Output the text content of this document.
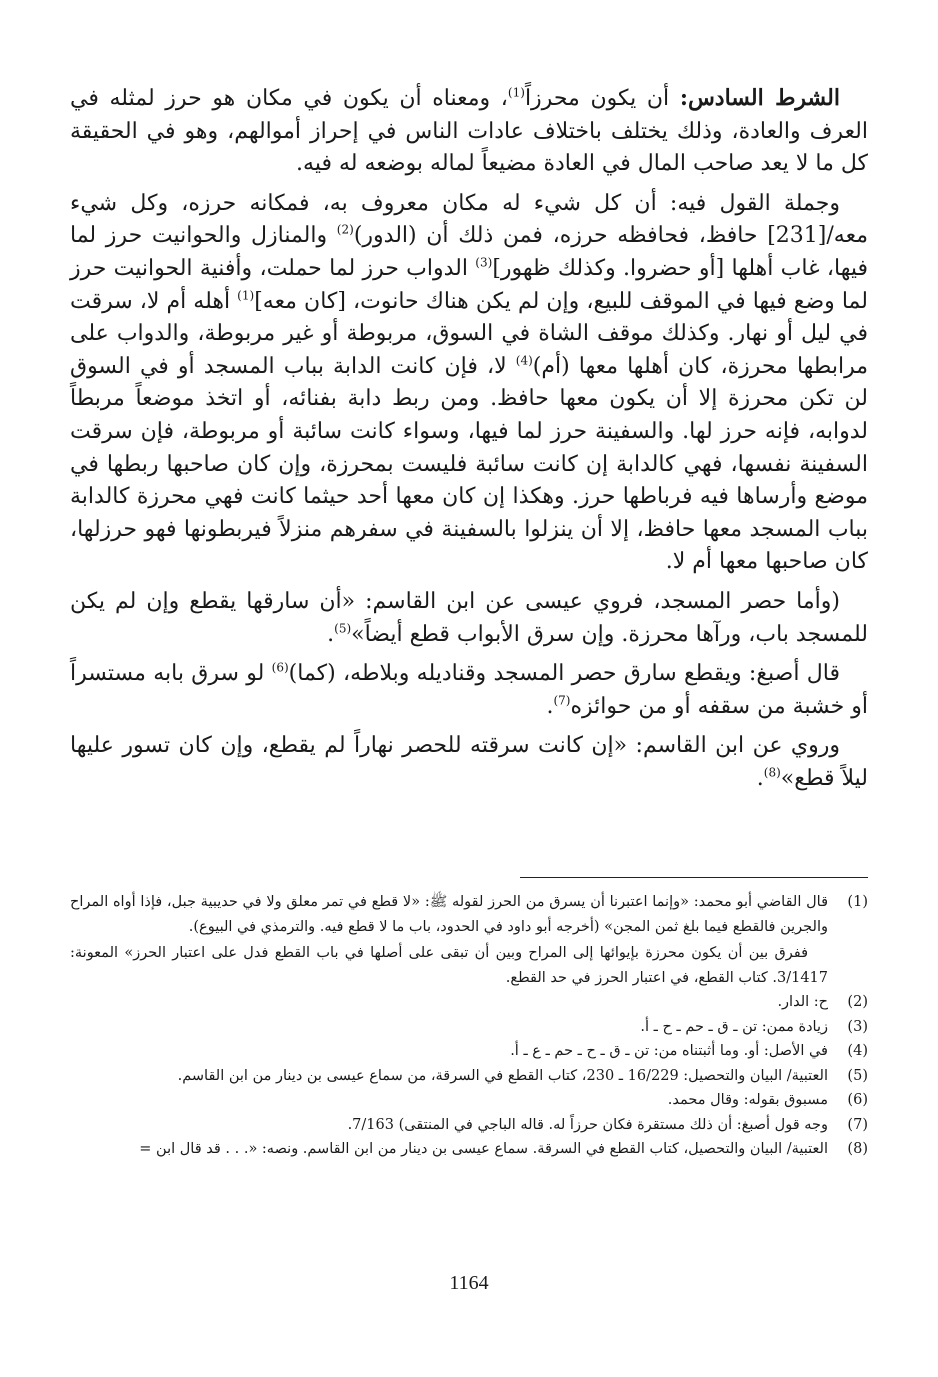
الشرط السادس: أن يكون محرزاً$^{(1)}$، ومعناه أن يكون في مكان هو حرز لمثله في العرف والعادة، وذلك يختلف باختلاف عادات الناس في إحراز أموالهم، وهو في الحقيقة كل ما لا يعد صاحب المال في العادة مضيعاً لماله بوضعه له فيه.

وجملة القول فيه: أن كل شيء له مكان معروف به، فمكانه حرزه، وكل شيء معه/[231] حافظ، فحافظه حرزه، فمن ذلك أن (الدور)$^{(2)}$ والمنازل والحوانيت حرز لما فيها، غاب أهلها [أو حضروا. وكذلك ظهور]$^{(3)}$ الدواب حرز لما حملت، وأفنية الحوانيت حرز لما وضع فيها في الموقف للبيع، وإن لم يكن هناك حانوت، [كان معه]$^{(1)}$ أهله أم لا، سرقت في ليل أو نهار. وكذلك موقف الشاة في السوق، مربوطة أو غير مربوطة، والدواب على مرابطها محرزة، كان أهلها معها (أم)$^{(4)}$ لا، فإن كانت الدابة بباب المسجد أو في السوق لن تكن محرزة إلا أن يكون معها حافظ. ومن ربط دابة بفنائه، أو اتخذ موضعاً مربطاً لدوابه، فإنه حرز لها. والسفينة حرز لما فيها، وسواء كانت سائبة أو مربوطة، فإن سرقت السفينة نفسها، فهي كالدابة إن كانت سائبة فليست بمحرزة، وإن كان صاحبها ربطها في موضع وأرساها فيه فرباطها حرز. وهكذا إن كان معها أحد حيثما كانت فهي محرزة كالدابة بباب المسجد معها حافظ، إلا أن ينزلوا بالسفينة في سفرهم منزلاً فيربطونها فهو حرزلها، كان صاحبها معها أم لا.

(وأما حصر المسجد، فروي عيسى عن ابن القاسم: «أن سارقها يقطع وإن لم يكن للمسجد باب، ورآها محرزة. وإن سرق الأبواب قطع أيضاً»$^{(5)}$.

قال أصبغ: ويقطع سارق حصر المسجد وقناديله وبلاطه، (كما)$^{(6)}$ لو سرق بابه مستسراً أو خشبة من سقفه أو من حوائزه$^{(7)}$.

وروي عن ابن القاسم: «إن كانت سرقته للحصر نهاراً لم يقطع، وإن كان تسور عليها ليلاً قطع»$^{(8)}$.

(1)
قال القاضي أبو محمد: «وإنما اعتبرنا أن يسرق من الحرز لقوله ﷺ: «لا قطع في تمر معلق ولا في حديبية جبل، فإذا أواه المراح والجرين فالقطع فيما بلغ ثمن المجن» (أخرجه أبو داود في الحدود، باب ما لا قطع فيه. والترمذي في البيوع).
ففرق بين أن يكون محرزة بإيوائها إلى المراح وبين أن تبقى على أصلها في باب القطع فدل على اعتبار الحرز» المعونة: 3/1417. كتاب القطع، في اعتبار الحرز في حد القطع.
(2)
ح: الدار.
(3)
زيادة ممن: تن ـ ق ـ حم ـ ح ـ أ.
(4)
في الأصل: أو. وما أثبتناه من: تن ـ ق ـ ح ـ حم ـ ع ـ أ.
(5)
العتبية/ البيان والتحصيل: 16/229 ـ 230، كتاب القطع في السرقة، من سماع عيسى بن دينار من ابن القاسم.
(6)
مسبوق بقوله: وقال محمد.
(7)
وجه قول أصبغ: أن ذلك مستقرة فكان حرزاً له. قاله الباجي في المنتقى) 7/163.
(8)
العتبية/ البيان والتحصيل، كتاب القطع في السرقة. سماع عيسى بن دينار من ابن القاسم. ونصه: «. . . قد قال ابن =
1164
